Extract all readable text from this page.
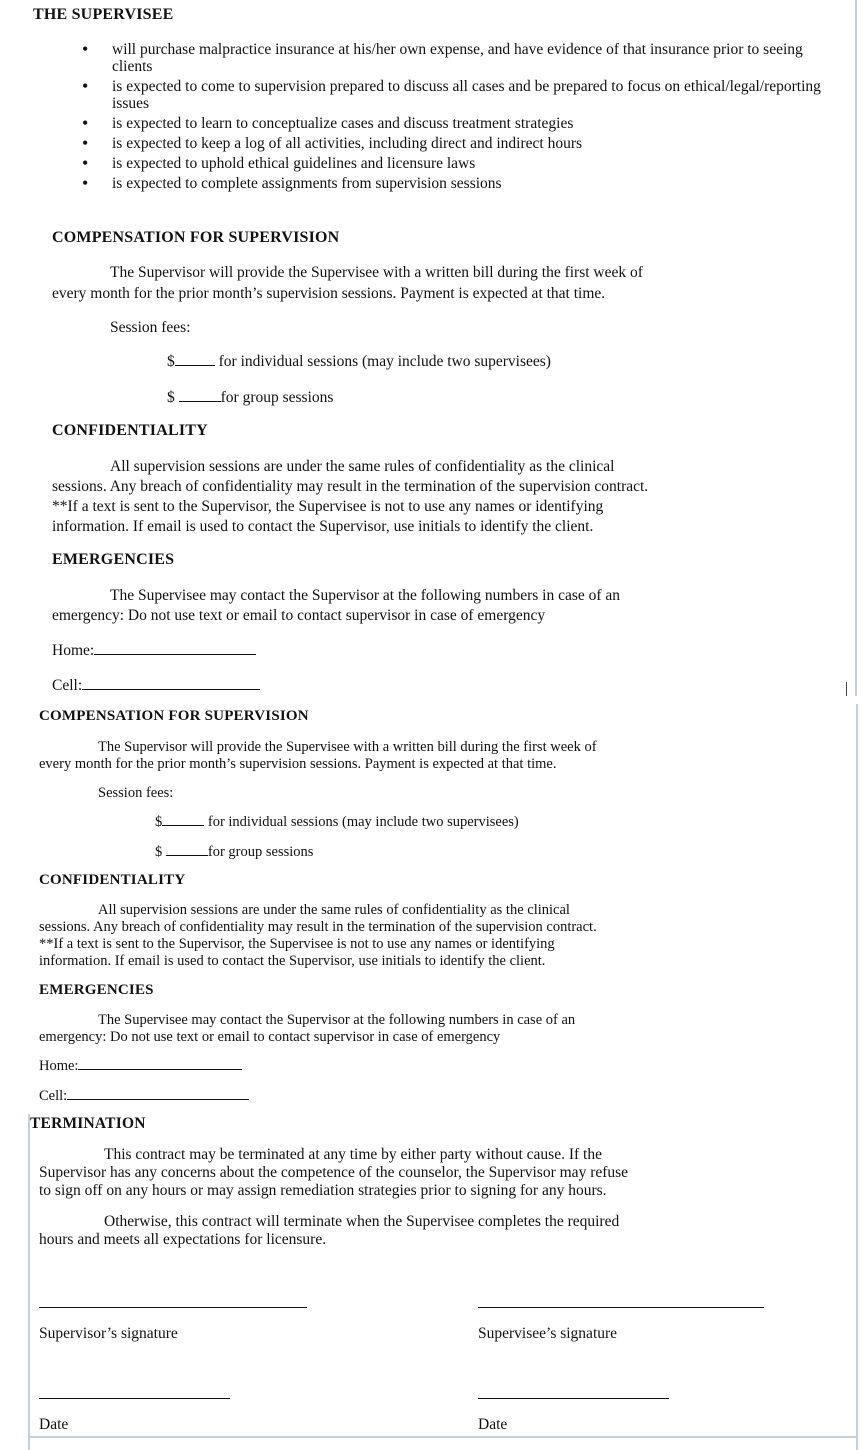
THE SUPERVISEE
• will purchase malpractice insurance at his/her own expense, and have evidence of that insurance prior to seeing clients
• is expected to come to supervision prepared to discuss all cases and be prepared to focus on ethical/legal/reporting issues
• is expected to learn to conceptualize cases and discuss treatment strategies
• is expected to keep a log of all activities, including direct and indirect hours
• is expected to uphold ethical guidelines and licensure laws
• is expected to complete assignments from supervision sessions
COMPENSATION FOR SUPERVISION
The Supervisor will provide the Supervisee with a written bill during the first week of
every month for the prior month’s supervision sessions. Payment is expected at that time.
Session fees:
$	for individual sessions (may include two supervisees)
$	for group sessions
CONFIDENTIALITY
All supervision sessions are under the same rules of confidentiality as the clinical
sessions. Any breach of confidentiality may result in the termination of the supervision contract.
**If a text is sent to the Supervisor, the Supervisee is not to use any names or identifying
information. If email is used to contact the Supervisor, use initials to identify the client.
EMERGENCIES
The Supervisee may contact the Supervisor at the following numbers in case of an
emergency: Do not use text or email to contact supervisor in case of emergency
Home:
Cell:
COMPENSATION FOR SUPERVISION
The Supervisor will provide the Supervisee with a written bill during the first week of
every month for the prior month’s supervision sessions. Payment is expected at that time.
Session fees:
$	for individual sessions (may include two supervisees)
$	for group sessions
CONFIDENTIALITY
All supervision sessions are under the same rules of confidentiality as the clinical
sessions. Any breach of confidentiality may result in the termination of the supervision contract.
**If a text is sent to the Supervisor, the Supervisee is not to use any names or identifying
information. If email is used to contact the Supervisor, use initials to identify the client.
EMERGENCIES
The Supervisee may contact the Supervisor at the following numbers in case of an
emergency: Do not use text or email to contact supervisor in case of emergency
Home:
Cell:
TERMINATION
This contract may be terminated at any time by either party without cause. If the
Supervisor has any concerns about the competence of the counselor, the Supervisor may refuse
to sign off on any hours or may assign remediation strategies prior to signing for any hours.
Otherwise, this contract will terminate when the Supervisee completes the required
hours and meets all expectations for licensure.
Supervisor’s signature	Supervisee’s signature
Date	Date
